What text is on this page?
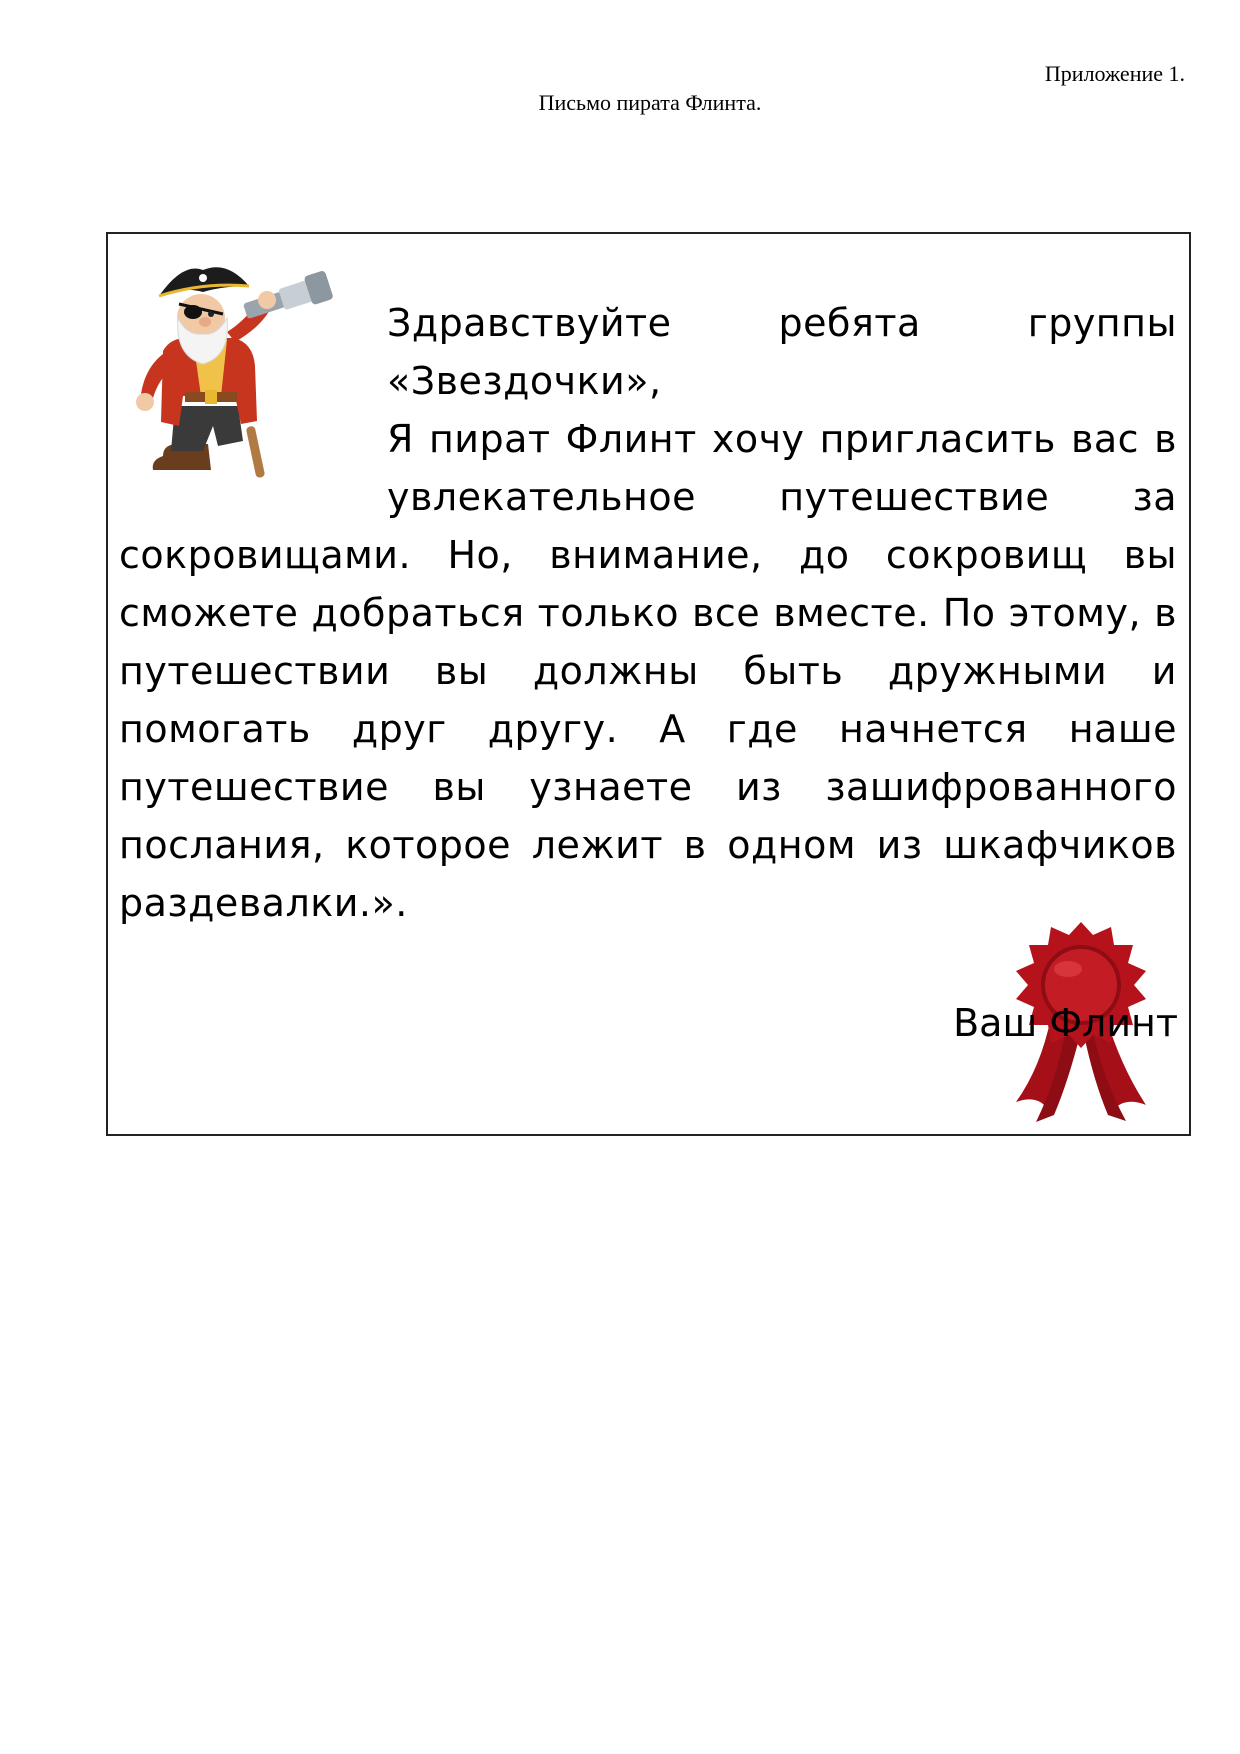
Приложение 1.
Письмо пирата Флинта.
Здравствуйте ребята группы «Звездочки»,
Я пират Флинт хочу пригласить вас в увлекательное путешествие за сокровищами. Но, внимание, до сокровищ вы сможете добраться только все вместе. По этому, в путешествии вы должны быть дружными и помогать друг другу. А где начнется наше путешествие вы узнаете из зашифрованного послания, которое лежит в одном из шкафчиков раздевалки.».
Ваш Флинт
